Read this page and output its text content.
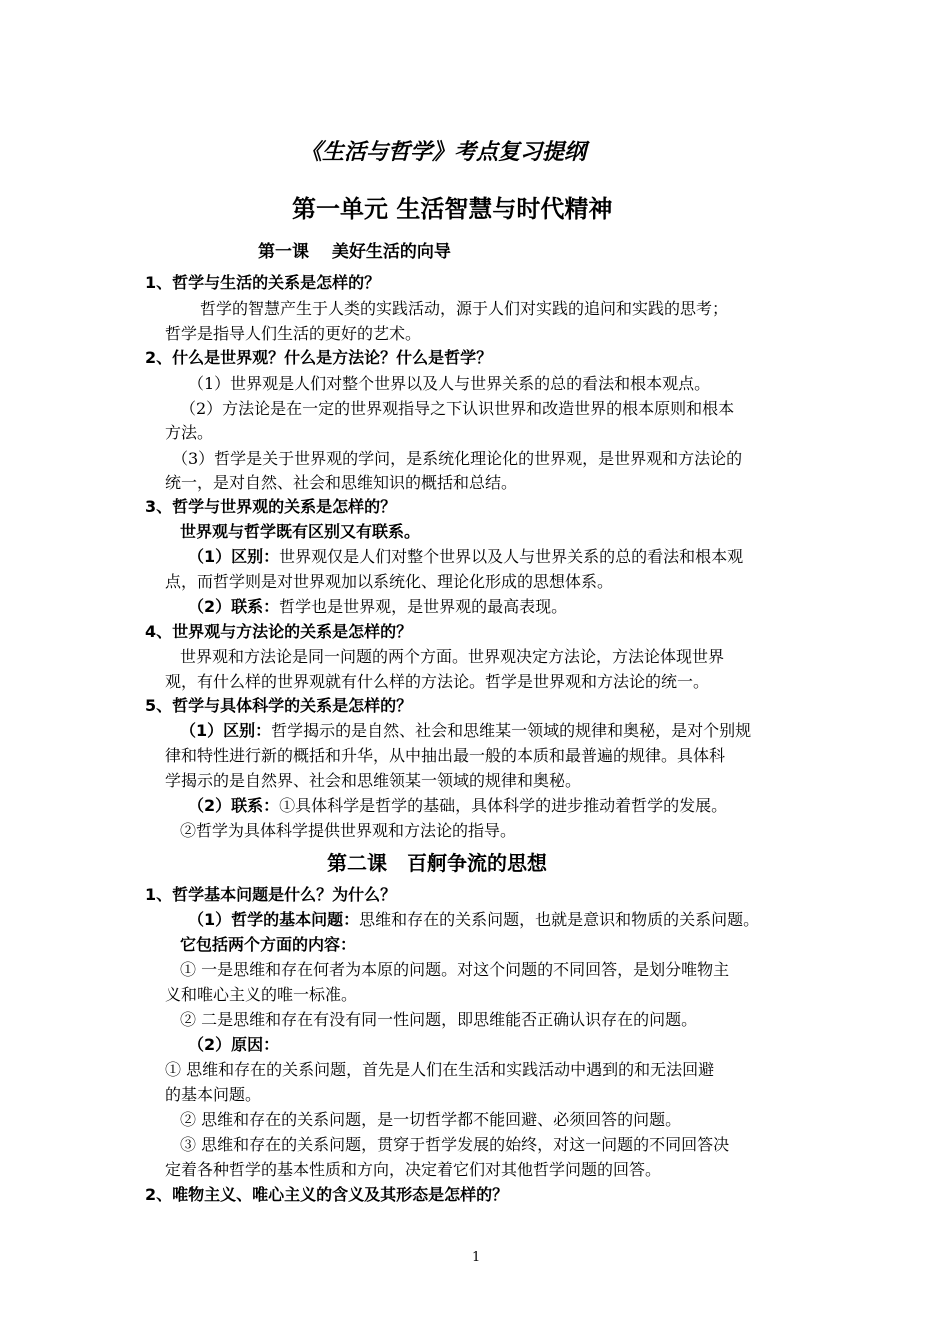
《生活与哲学》考点复习提纲
第一单元 生活智慧与时代精神
第一课　 美好生活的向导
1、哲学与生活的关系是怎样的？
哲学的智慧产生于人类的实践活动，源于人们对实践的追问和实践的思考；
哲学是指导人们生活的更好的艺术。
2、什么是世界观？什么是方法论？什么是哲学？
（1）世界观是人们对整个世界以及人与世界关系的总的看法和根本观点。
（2）方法论是在一定的世界观指导之下认识世界和改造世界的根本原则和根本
方法。
（3）哲学是关于世界观的学问，是系统化理论化的世界观，是世界观和方法论的
统一，是对自然、社会和思维知识的概括和总结。
3、哲学与世界观的关系是怎样的？
世界观与哲学既有区别又有联系。
（1）区别：世界观仅是人们对整个世界以及人与世界关系的总的看法和根本观
点，而哲学则是对世界观加以系统化、理论化形成的思想体系。
（2）联系：哲学也是世界观，是世界观的最高表现。
4、世界观与方法论的关系是怎样的？
世界观和方法论是同一问题的两个方面。世界观决定方法论，方法论体现世界
观，有什么样的世界观就有什么样的方法论。哲学是世界观和方法论的统一。
5、哲学与具体科学的关系是怎样的？
（1）区别：哲学揭示的是自然、社会和思维某一领域的规律和奥秘，是对个别规
律和特性进行新的概括和升华，从中抽出最一般的本质和最普遍的规律。具体科
学揭示的是自然界、社会和思维领某一领域的规律和奥秘。
（2）联系：①具体科学是哲学的基础，具体科学的进步推动着哲学的发展。
②哲学为具体科学提供世界观和方法论的指导。
第二课　百舸争流的思想
1、哲学基本问题是什么？为什么？
（1）哲学的基本问题：思维和存在的关系问题，也就是意识和物质的关系问题。
它包括两个方面的内容：
① 一是思维和存在何者为本原的问题。对这个问题的不同回答，是划分唯物主
义和唯心主义的唯一标准。
② 二是思维和存在有没有同一性问题，即思维能否正确认识存在的问题。
（2）原因：
① 思维和存在的关系问题，首先是人们在生活和实践活动中遇到的和无法回避
的基本问题。
② 思维和存在的关系问题，是一切哲学都不能回避、必须回答的问题。
③ 思维和存在的关系问题，贯穿于哲学发展的始终，对这一问题的不同回答决
定着各种哲学的基本性质和方向，决定着它们对其他哲学问题的回答。
2、唯物主义、唯心主义的含义及其形态是怎样的？
1
